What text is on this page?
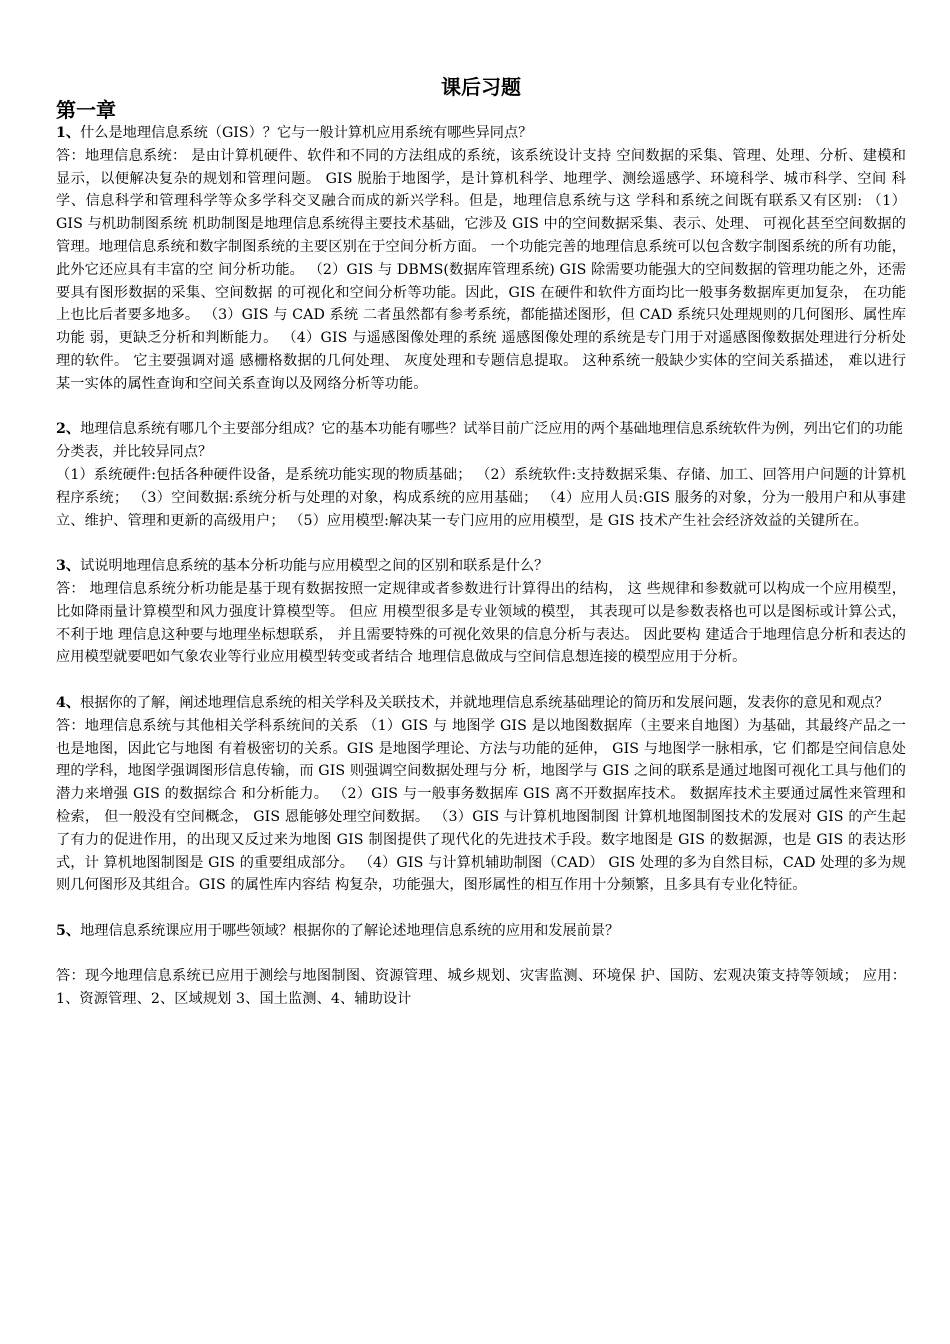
课后习题
第一章

1、什么是地理信息系统（GIS）？它与一般计算机应用系统有哪些异同点？

答：地理信息系统： 是由计算机硬件、软件和不同的方法组成的系统，该系统设计支持 空间数据的采集、管理、处理、分析、建模和显示，以便解决复杂的规划和管理问题。 GIS 脱胎于地图学，是计算机科学、地理学、测绘遥感学、环境科学、城市科学、空间 科学、信息科学和管理科学等众多学科交叉融合而成的新兴学科。但是，地理信息系统与这 学科和系统之间既有联系又有区别: （1） GIS 与机助制图系统 机助制图是地理信息系统得主要技术基础，它涉及 GIS 中的空间数据采集、表示、处理、 可视化甚至空间数据的管理。地理信息系统和数字制图系统的主要区别在于空间分析方面。 一个功能完善的地理信息系统可以包含数字制图系统的所有功能， 此外它还应具有丰富的空 间分析功能。 （2）GIS 与 DBMS(数据库管理系统) GIS 除需要功能强大的空间数据的管理功能之外，还需要具有图形数据的采集、空间数据 的可视化和空间分析等功能。因此，GIS 在硬件和软件方面均比一般事务数据库更加复杂， 在功能上也比后者要多地多。 （3）GIS 与 CAD 系统 二者虽然都有参考系统，都能描述图形，但 CAD 系统只处理规则的几何图形、属性库功能 弱，更缺乏分析和判断能力。 （4）GIS 与遥感图像处理的系统 遥感图像处理的系统是专门用于对遥感图像数据处理进行分析处理的软件。 它主要强调对遥 感栅格数据的几何处理、 灰度处理和专题信息提取。 这种系统一般缺少实体的空间关系描述， 难以进行某一实体的属性查询和空间关系查询以及网络分析等功能。

2、地理信息系统有哪几个主要部分组成？它的基本功能有哪些？试举目前广泛应用的两个基础地理信息系统软件为例，列出它们的功能分类表，并比较异同点？

（1）系统硬件:包括各种硬件设备，是系统功能实现的物质基础； （2）系统软件:支持数据采集、存储、加工、回答用户问题的计算机程序系统； （3）空间数据:系统分析与处理的对象，构成系统的应用基础； （4）应用人员:GIS 服务的对象，分为一般用户和从事建立、维护、管理和更新的高级用户； （5）应用模型:解决某一专门应用的应用模型，是 GIS 技术产生社会经济效益的关键所在。

3、试说明地理信息系统的基本分析功能与应用模型之间的区别和联系是什么？

答： 地理信息系统分析功能是基于现有数据按照一定规律或者参数进行计算得出的结构， 这 些规律和参数就可以构成一个应用模型， 比如降雨量计算模型和风力强度计算模型等。 但应 用模型很多是专业领域的模型， 其表现可以是参数表格也可以是图标或计算公式， 不利于地 理信息这种要与地理坐标想联系， 并且需要特殊的可视化效果的信息分析与表达。 因此要构 建适合于地理信息分析和表达的应用模型就要吧如气象农业等行业应用模型转变或者结合 地理信息做成与空间信息想连接的模型应用于分析。

4、根据你的了解，阐述地理信息系统的相关学科及关联技术，并就地理信息系统基础理论的简历和发展问题，发表你的意见和观点？

答：地理信息系统与其他相关学科系统间的关系 （1）GIS 与 地图学 GIS 是以地图数据库（主要来自地图）为基础，其最终产品之一也是地图，因此它与地图 有着极密切的关系。GIS 是地图学理论、方法与功能的延伸， GIS 与地图学一脉相承，它 们都是空间信息处理的学科，地图学强调图形信息传输，而 GIS 则强调空间数据处理与分 析，地图学与 GIS 之间的联系是通过地图可视化工具与他们的潜力来增强 GIS 的数据综合 和分析能力。 （2）GIS 与一般事务数据库 GIS 离不开数据库技术。 数据库技术主要通过属性来管理和检索， 但一般没有空间概念， GIS 恩能够处理空间数据。 （3）GIS 与计算机地图制图 计算机地图制图技术的发展对 GIS 的产生起了有力的促进作用，的出现又反过来为地图 GIS 制图提供了现代化的先进技术手段。数字地图是 GIS 的数据源，也是 GIS 的表达形式，计 算机地图制图是 GIS 的重要组成部分。 （4）GIS 与计算机辅助制图（CAD） GIS 处理的多为自然目标，CAD 处理的多为规则几何图形及其组合。GIS 的属性库内容结 构复杂，功能强大，图形属性的相互作用十分频繁，且多具有专业化特征。

5、地理信息系统课应用于哪些领域？根据你的了解论述地理信息系统的应用和发展前景？

答：现今地理信息系统已应用于测绘与地图制图、资源管理、城乡规划、灾害监测、环境保 护、国防、宏观决策支持等领域； 应用：1、资源管理、2、区域规划 3、国土监测、4、辅助设计
